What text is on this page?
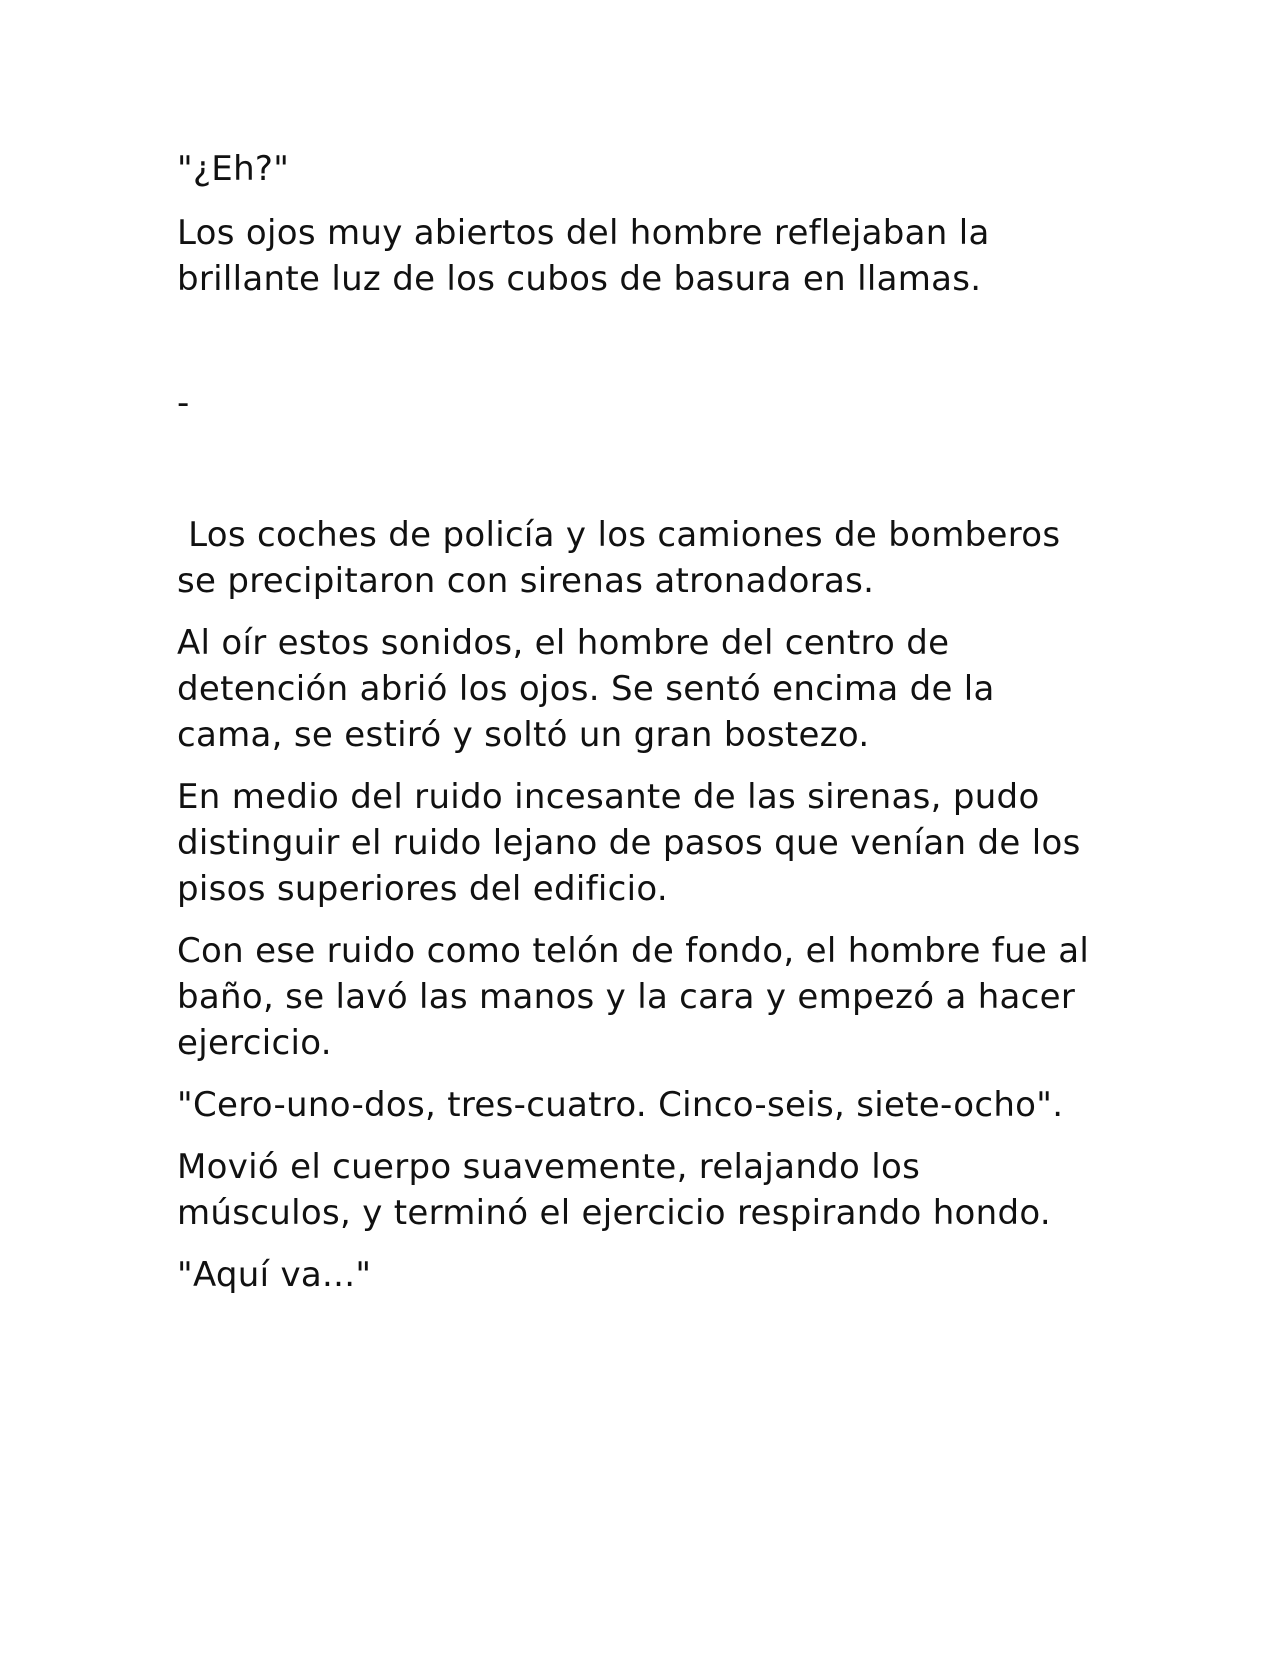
"¿Eh?"

Los ojos muy abiertos del hombre reflejaban la brillante luz de los cubos de basura en llamas.

-

Los coches de policía y los camiones de bomberos se precipitaron con sirenas atronadoras.

Al oír estos sonidos, el hombre del centro de detención abrió los ojos. Se sentó encima de la cama, se estiró y soltó un gran bostezo.

En medio del ruido incesante de las sirenas, pudo distinguir el ruido lejano de pasos que venían de los pisos superiores del edificio.

Con ese ruido como telón de fondo, el hombre fue al baño, se lavó las manos y la cara y empezó a hacer ejercicio.

"Cero-uno-dos, tres-cuatro. Cinco-seis, siete-ocho".

Movió el cuerpo suavemente, relajando los músculos, y terminó el ejercicio respirando hondo.

"Aquí va..."
